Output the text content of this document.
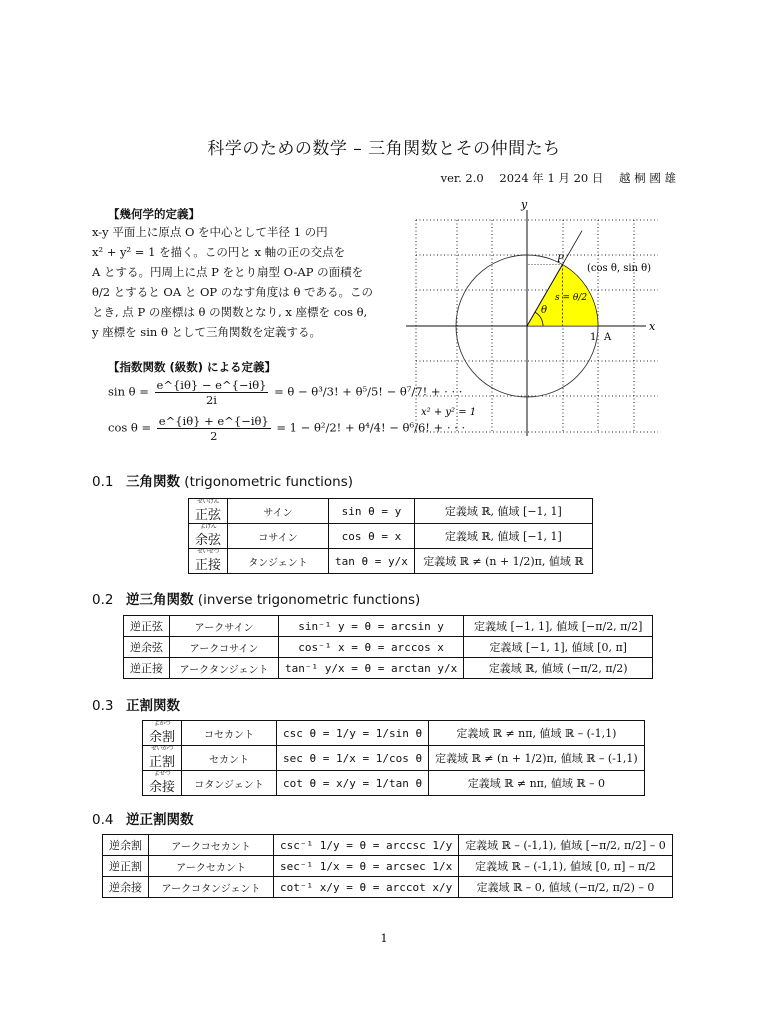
科学のための数学 – 三角関数とその仲間たち
ver. 2.0 2024 年 1 月 20 日 越 桐 國 雄
【幾何学的定義】
x-y 平面上に原点 O を中心として半径 1 の円
x² + y² = 1 を描く。この円と x 軸の正の交点を
A とする。円周上に点 P をとり扇型 O-AP の面積を
θ/2 とすると OA と OP のなす角度は θ である。この
とき, 点 P の座標は θ の関数となり, x 座標を cos θ,
y 座標を sin θ として三角関数を定義する。
【指数関数 (級数) による定義】
$\sin \theta = \frac{e\^{}\{i\theta\} - e\^{}\{-i\theta\}}{2i} = \theta - \theta^3/3$! + θ⁵/5! − θ⁷/7! + · · ·
$\cos \theta = \frac{e\^{}\{i\theta\} + e\^{}\{-i\theta\}}{2} = 1 - \theta^2/2$! + θ⁴/4! − θ⁶/6! + · · ·
x
y
θ
s = θ/2
P
(cos θ, sin θ)
1 A
x² + y² = 1
0.1 三角関数 (trigonometric functions)
せいげん
正弦	サイン	sin θ = y	定義域 ℝ, 値域 [−1, 1]

よげん
余弦	コサイン	cos θ = x	定義域 ℝ, 値域 [−1, 1]

せいせつ
正接	タンジェント	tan θ = y/x	定義域 ℝ ≠ (n + 1/2)π, 値域 ℝ
0.2 逆三角関数 (inverse trigonometric functions)
逆正弦	アークサイン	sin⁻¹ y = θ = arcsin y	定義域 [−1, 1], 値域 [−π/2, π/2]
逆余弦	アークコサイン	cos⁻¹ x = θ = arccos x	定義域 [−1, 1], 値域 [0, π]
逆正接	アークタンジェント	tan⁻¹ y/x = θ = arctan y/x	定義域 ℝ, 値域 (−π/2, π/2)
0.3 正割関数
よかつ
余割	コセカント	csc θ = 1/y = 1/sin θ	定義域 ℝ ≠ nπ, 値域 ℝ – (-1,1)

せいかつ
正割	セカント	sec θ = 1/x = 1/cos θ	定義域 ℝ ≠ (n + 1/2)π, 値域 ℝ – (-1,1)

よせつ
余接	コタンジェント	cot θ = x/y = 1/tan θ	定義域 ℝ ≠ nπ, 値域 ℝ – 0
0.4 逆正割関数
逆余割	アークコセカント	csc⁻¹ 1/y = θ = arccsc 1/y	定義域 ℝ – (-1,1), 値域 [−π/2, π/2] – 0
逆正割	アークセカント	sec⁻¹ 1/x = θ = arcsec 1/x	定義域 ℝ – (-1,1), 値域 [0, π] – π/2
逆余接	アークコタンジェント	cot⁻¹ x/y = θ = arccot x/y	定義域 ℝ – 0, 値域 (−π/2, π/2) – 0
1
